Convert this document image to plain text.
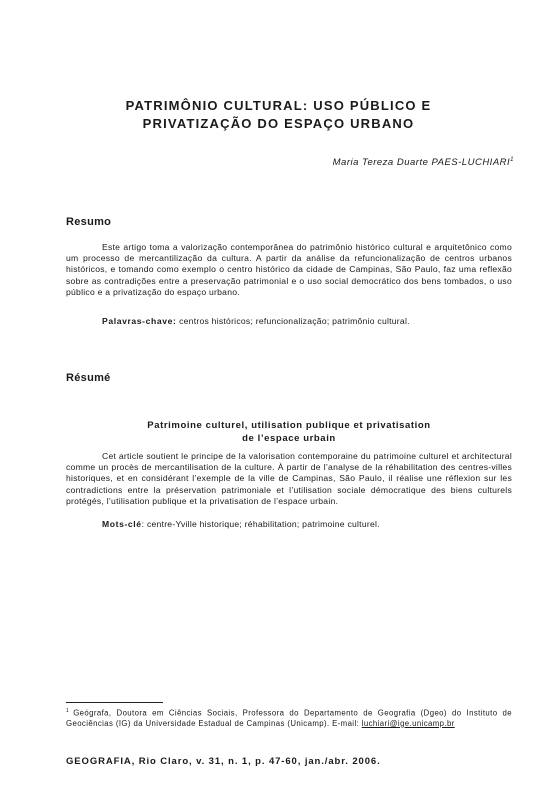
PATRIMÔNIO CULTURAL: USO PÚBLICO E
PRIVATIZAÇÃO DO ESPAÇO URBANO
Maria Tereza Duarte PAES-LUCHIARI$^1$
Resumo
Este artigo toma a valorização contemporânea do patrimônio histórico cultural e arquitetônico como um processo de mercantilização da cultura. A partir da análise da refuncionalização de centros urbanos históricos, e tomando como exemplo o centro histórico da cidade de Campinas, São Paulo, faz uma reflexão sobre as contradições entre a preservação patrimonial e o uso social democrático dos bens tombados, o uso público e a privatização do espaço urbano.
Palavras-chave: centros históricos; refuncionalização; patrimônio cultural.
Résumé
Patrimoine culturel, utilisation publique et privatisation
de l’espace urbain
Cet article soutient le principe de la valorisation contemporaine du patrimoine culturel et architectural comme un procès de mercantilisation de la culture. À partir de l’analyse de la réhabilitation des centres-villes historiques, et en considérant l’exemple de la ville de Campinas, São Paulo, il réalise une réflexion sur les contradictions entre la préservation patrimoniale et l’utilisation sociale démocratique des biens culturels protégés, l’utilisation publique et la privatisation de l’espace urbain.
Mots-clé: centre-Yville historique; réhabilitation; patrimoine culturel.
$^1$ Geógrafa, Doutora em Ciências Sociais, Professora do Departamento de Geografia (Dgeo) do Instituto de Geociências (IG) da Universidade Estadual de Campinas (Unicamp). E-mail: luchiari@ige.unicamp.br
GEOGRAFIA, Rio Claro, v. 31, n. 1, p. 47-60, jan./abr. 2006.
